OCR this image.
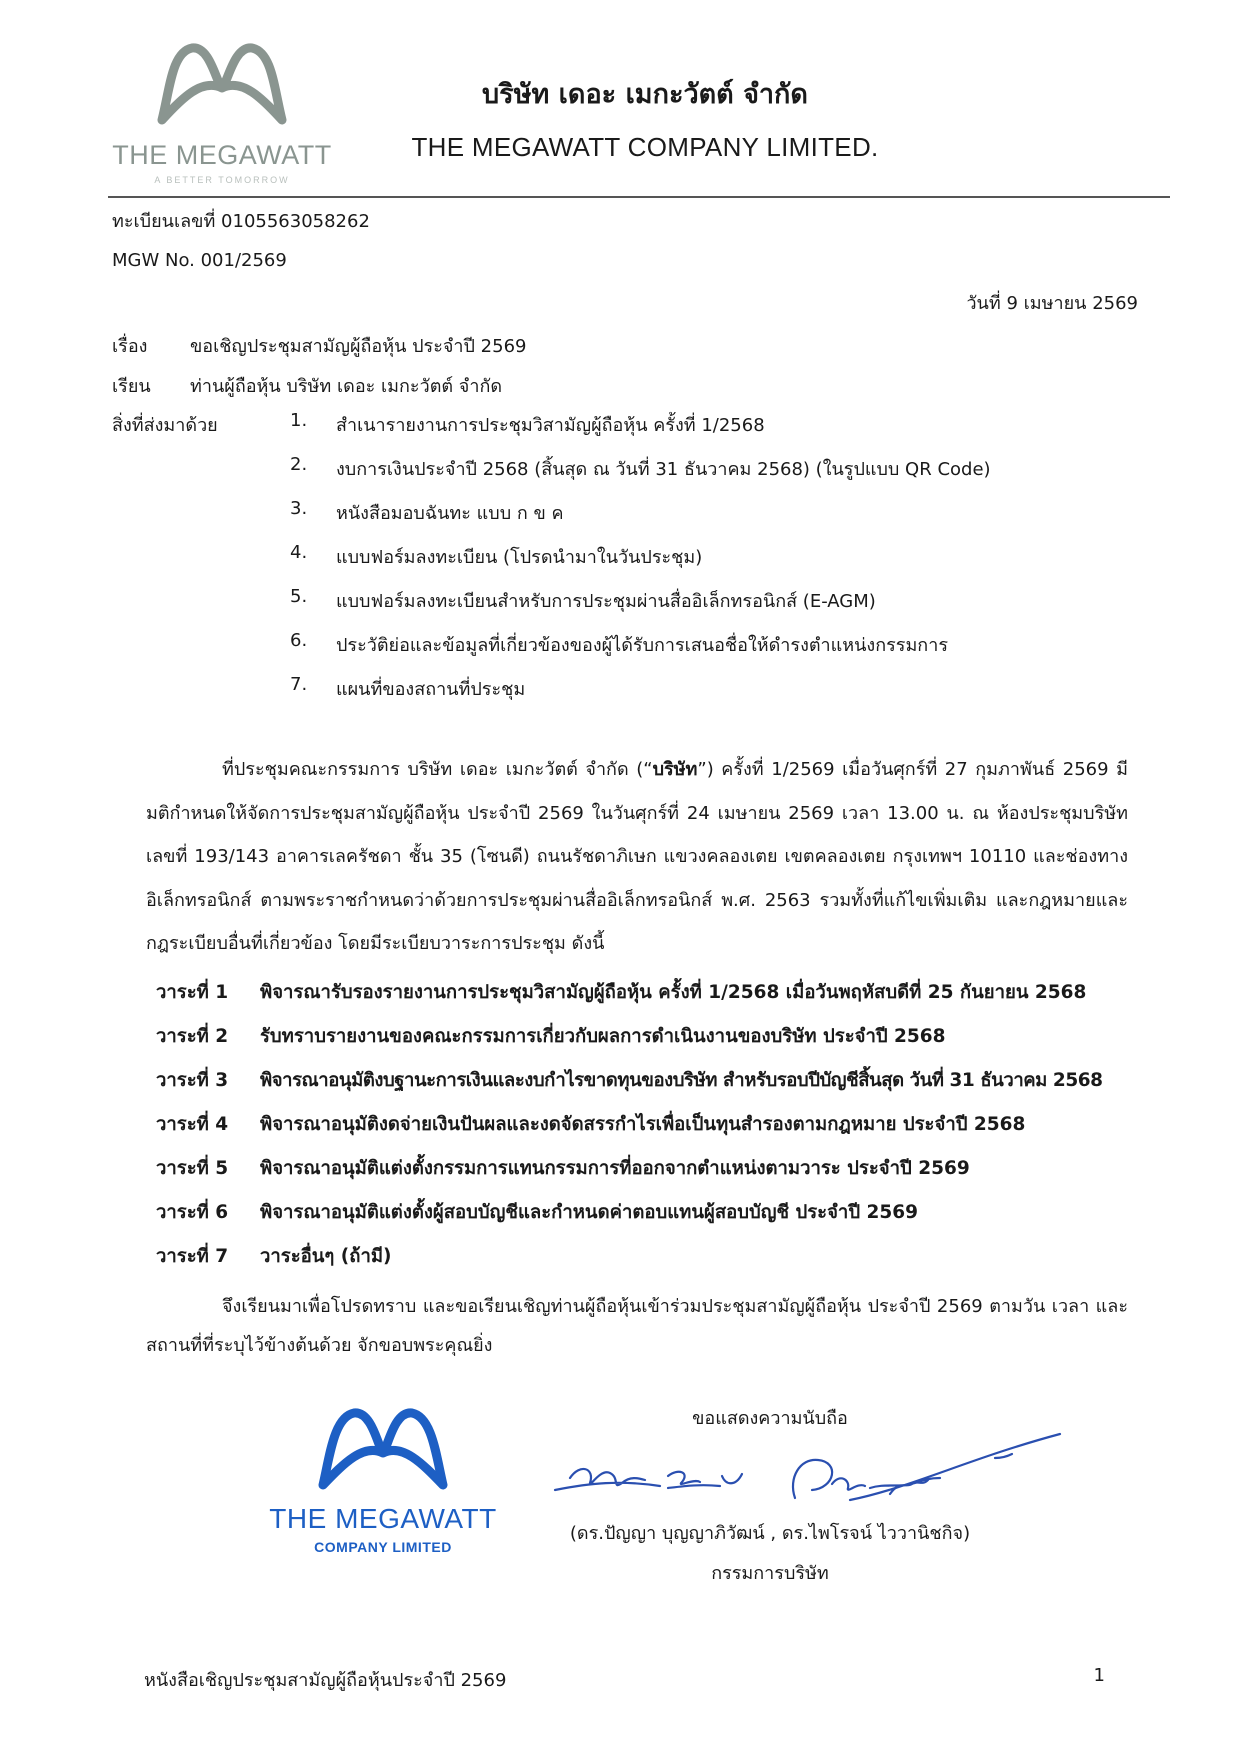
THE MEGAWATT
A BETTER TOMORROW
บริษัท เดอะ เมกะวัตต์ จำกัด
THE MEGAWATT COMPANY LIMITED.
ทะเบียนเลขที่ 0105563058262
MGW No. 001/2569
วันที่ 9 เมษายน 2569
เรื่อง ขอเชิญประชุมสามัญผู้ถือหุ้น ประจำปี 2569
เรียน ท่านผู้ถือหุ้น บริษัท เดอะ เมกะวัตต์ จำกัด
สิ่งที่ส่งมาด้วย	1. สำเนารายงานการประชุมวิสามัญผู้ถือหุ้น ครั้งที่ 1/2568
2. งบการเงินประจำปี 2568 (สิ้นสุด ณ วันที่ 31 ธันวาคม 2568) (ในรูปแบบ QR Code)
3. หนังสือมอบฉันทะ แบบ ก ข ค
4. แบบฟอร์มลงทะเบียน (โปรดนำมาในวันประชุม)
5. แบบฟอร์มลงทะเบียนสำหรับการประชุมผ่านสื่ออิเล็กทรอนิกส์ (E-AGM)
6. ประวัติย่อและข้อมูลที่เกี่ยวข้องของผู้ได้รับการเสนอชื่อให้ดำรงตำแหน่งกรรมการ
7. แผนที่ของสถานที่ประชุม
ที่ประชุมคณะกรรมการ บริษัท เดอะ เมกะวัตต์ จำกัด (“บริษัท”) ครั้งที่ 1/2569 เมื่อวันศุกร์ที่ 27 กุมภาพันธ์ 2569 มีมติกำหนดให้จัดการประชุมสามัญผู้ถือหุ้น ประจำปี 2569 ในวันศุกร์ที่ 24 เมษายน 2569 เวลา 13.00 น. ณ ห้องประชุมบริษัท เลขที่ 193/143 อาคารเลครัชดา ชั้น 35 (โซนดี) ถนนรัชดาภิเษก แขวงคลองเตย เขตคลองเตย กรุงเทพฯ 10110 และช่องทางอิเล็กทรอนิกส์ ตามพระราชกำหนดว่าด้วยการประชุมผ่านสื่ออิเล็กทรอนิกส์ พ.ศ. 2563 รวมทั้งที่แก้ไขเพิ่มเติม และกฎหมายและกฎระเบียบอื่นที่เกี่ยวข้อง โดยมีระเบียบวาระการประชุม ดังนี้
วาระที่ 1 พิจารณารับรองรายงานการประชุมวิสามัญผู้ถือหุ้น ครั้งที่ 1/2568 เมื่อวันพฤหัสบดีที่ 25 กันยายน 2568
วาระที่ 2 รับทราบรายงานของคณะกรรมการเกี่ยวกับผลการดำเนินงานของบริษัท ประจำปี 2568
วาระที่ 3 พิจารณาอนุมัติงบฐานะการเงินและงบกำไรขาดทุนของบริษัท สำหรับรอบปีบัญชีสิ้นสุด วันที่ 31 ธันวาคม 2568
วาระที่ 4 พิจารณาอนุมัติงดจ่ายเงินปันผลและงดจัดสรรกำไรเพื่อเป็นทุนสำรองตามกฎหมาย ประจำปี 2568
วาระที่ 5 พิจารณาอนุมัติแต่งตั้งกรรมการแทนกรรมการที่ออกจากตำแหน่งตามวาระ ประจำปี 2569
วาระที่ 6 พิจารณาอนุมัติแต่งตั้งผู้สอบบัญชีและกำหนดค่าตอบแทนผู้สอบบัญชี ประจำปี 2569
วาระที่ 7 วาระอื่นๆ (ถ้ามี)
จึงเรียนมาเพื่อโปรดทราบ และขอเรียนเชิญท่านผู้ถือหุ้นเข้าร่วมประชุมสามัญผู้ถือหุ้น ประจำปี 2569 ตามวัน เวลา และสถานที่ที่ระบุไว้ข้างต้นด้วย จักขอบพระคุณยิ่ง
THE MEGAWATT
COMPANY LIMITED
ขอแสดงความนับถือ
(ดร.ปัญญา บุญญาภิวัฒน์ , ดร.ไพโรจน์ ไววานิชกิจ)
กรรมการบริษัท
หนังสือเชิญประชุมสามัญผู้ถือหุ้นประจำปี 2569	1
